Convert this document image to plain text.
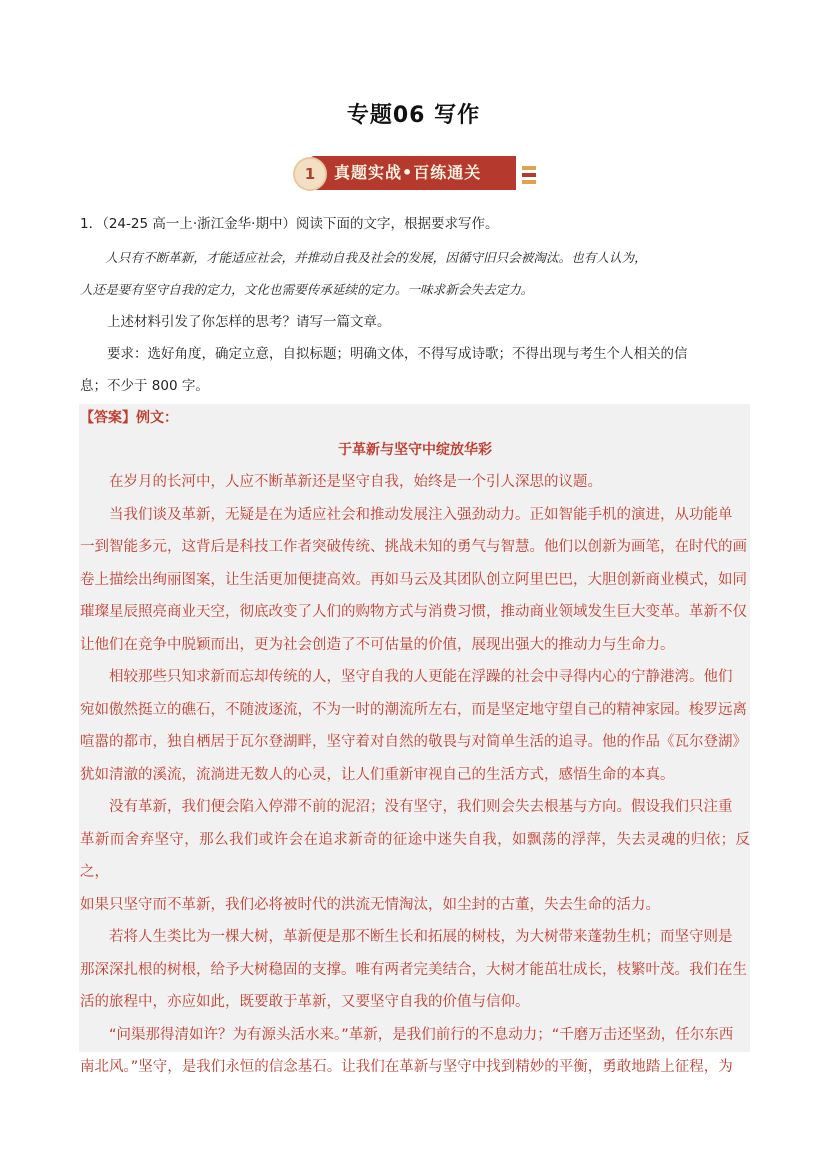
专题06 写作
1	真题实战•百练通关

1．（24-25 高一上·浙江金华·期中）阅读下面的文字，根据要求写作。

人只有不断革新，才能适应社会，并推动自我及社会的发展，因循守旧只会被淘汰。也有人认为，

人还是要有坚守自我的定力，文化也需要传承延续的定力。一味求新会失去定力。

上述材料引发了你怎样的思考？请写一篇文章。

要求：选好角度，确定立意，自拟标题；明确文体，不得写成诗歌；不得出现与考生个人相关的信

息；不少于 800 字。

【答案】例文：

于革新与坚守中绽放华彩

在岁月的长河中，人应不断革新还是坚守自我，始终是一个引人深思的议题。

当我们谈及革新，无疑是在为适应社会和推动发展注入强劲动力。正如智能手机的演进，从功能单

一到智能多元，这背后是科技工作者突破传统、挑战未知的勇气与智慧。他们以创新为画笔，在时代的画

卷上描绘出绚丽图案，让生活更加便捷高效。再如马云及其团队创立阿里巴巴，大胆创新商业模式，如同

璀璨星辰照亮商业天空，彻底改变了人们的购物方式与消费习惯，推动商业领域发生巨大变革。革新不仅

让他们在竞争中脱颖而出，更为社会创造了不可估量的价值，展现出强大的推动力与生命力。

相较那些只知求新而忘却传统的人，坚守自我的人更能在浮躁的社会中寻得内心的宁静港湾。他们

宛如傲然挺立的礁石，不随波逐流，不为一时的潮流所左右，而是坚定地守望自己的精神家园。梭罗远离

喧嚣的都市，独自栖居于瓦尔登湖畔，坚守着对自然的敬畏与对简单生活的追寻。他的作品《瓦尔登湖》

犹如清澈的溪流，流淌进无数人的心灵，让人们重新审视自己的生活方式，感悟生命的本真。

没有革新，我们便会陷入停滞不前的泥沼；没有坚守，我们则会失去根基与方向。假设我们只注重

革新而舍弃坚守，那么我们或许会在追求新奇的征途中迷失自我，如飘荡的浮萍，失去灵魂的归依；反之，

如果只坚守而不革新，我们必将被时代的洪流无情淘汰，如尘封的古董，失去生命的活力。

若将人生类比为一棵大树，革新便是那不断生长和拓展的树枝，为大树带来蓬勃生机；而坚守则是

那深深扎根的树根，给予大树稳固的支撑。唯有两者完美结合，大树才能茁壮成长，枝繁叶茂。我们在生

活的旅程中，亦应如此，既要敢于革新，又要坚守自我的价值与信仰。

“问渠那得清如许？为有源头活水来。”革新，是我们前行的不息动力；“千磨万击还坚劲，任尔东西

南北风。”坚守，是我们永恒的信念基石。让我们在革新与坚守中找到精妙的平衡，勇敢地踏上征程，为
